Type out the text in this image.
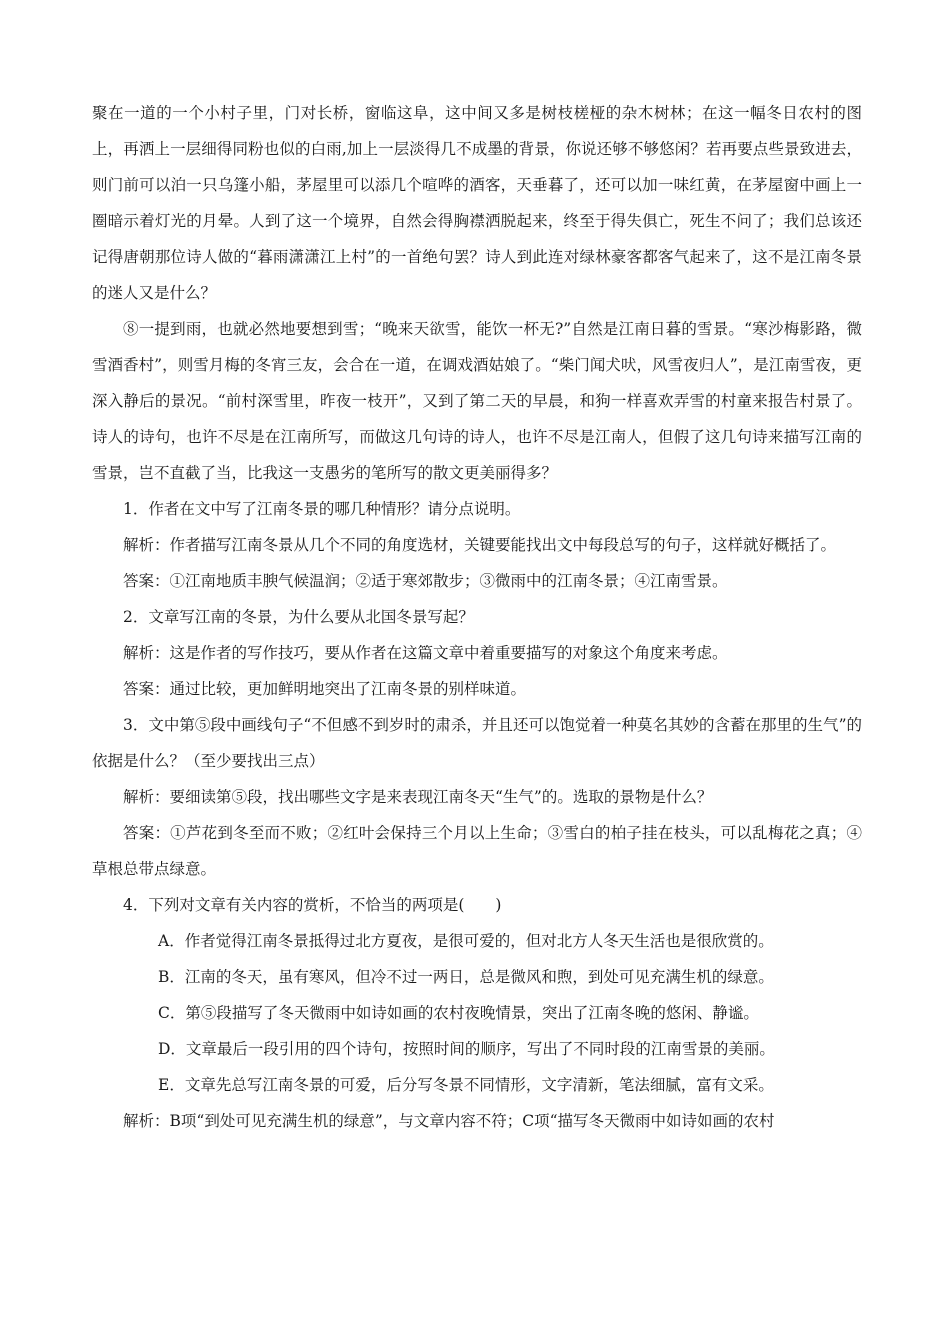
聚在一道的一个小村子里，门对长桥，窗临这阜，这中间又多是树枝槎桠的杂木树林；在这一幅冬日农村的图上，再洒上一层细得同粉也似的白雨,加上一层淡得几不成墨的背景，你说还够不够悠闲？若再要点些景致进去，则门前可以泊一只乌篷小船，茅屋里可以添几个喧哗的酒客，天垂暮了，还可以加一味红黄，在茅屋窗中画上一圈暗示着灯光的月晕。人到了这一个境界，自然会得胸襟洒脱起来，终至于得失俱亡，死生不问了；我们总该还记得唐朝那位诗人做的“暮雨潇潇江上村”的一首绝句罢？诗人到此连对绿林豪客都客气起来了，这不是江南冬景的迷人又是什么？

⑧一提到雨，也就必然地要想到雪；“晚来天欲雪，能饮一杯无?”自然是江南日暮的雪景。“寒沙梅影路，微雪酒香村”，则雪月梅的冬宵三友，会合在一道，在调戏酒姑娘了。“柴门闻犬吠，风雪夜归人”，是江南雪夜，更深入静后的景况。“前村深雪里，昨夜一枝开”，又到了第二天的早晨，和狗一样喜欢弄雪的村童来报告村景了。诗人的诗句，也许不尽是在江南所写，而做这几句诗的诗人，也许不尽是江南人，但假了这几句诗来描写江南的雪景，岂不直截了当，比我这一支愚劣的笔所写的散文更美丽得多？

1．作者在文中写了江南冬景的哪几种情形？请分点说明。

解析：作者描写江南冬景从几个不同的角度选材，关键要能找出文中每段总写的句子，这样就好概括了。

答案：①江南地质丰腴气候温润；②适于寒郊散步；③微雨中的江南冬景；④江南雪景。

2．文章写江南的冬景，为什么要从北国冬景写起？

解析：这是作者的写作技巧，要从作者在这篇文章中着重要描写的对象这个角度来考虑。

答案：通过比较，更加鲜明地突出了江南冬景的别样味道。

3．文中第⑤段中画线句子“不但感不到岁时的肃杀，并且还可以饱觉着一种莫名其妙的含蓄在那里的生气”的依据是什么？（至少要找出三点）

解析：要细读第⑤段，找出哪些文字是来表现江南冬天“生气”的。选取的景物是什么？

答案：①芦花到冬至而不败；②红叶会保持三个月以上生命；③雪白的柏子挂在枝头，可以乱梅花之真；④草根总带点绿意。

4．下列对文章有关内容的赏析，不恰当的两项是(　　)

A．作者觉得江南冬景抵得过北方夏夜，是很可爱的，但对北方人冬天生活也是很欣赏的。

B．江南的冬天，虽有寒风，但冷不过一两日，总是微风和煦，到处可见充满生机的绿意。

C．第⑤段描写了冬天微雨中如诗如画的农村夜晚情景，突出了江南冬晚的悠闲、静谧。

D．文章最后一段引用的四个诗句，按照时间的顺序，写出了不同时段的江南雪景的美丽。

E．文章先总写江南冬景的可爱，后分写冬景不同情形，文字清新，笔法细腻，富有文采。

解析：B项“到处可见充满生机的绿意”，与文章内容不符；C项“描写冬天微雨中如诗如画的农村
